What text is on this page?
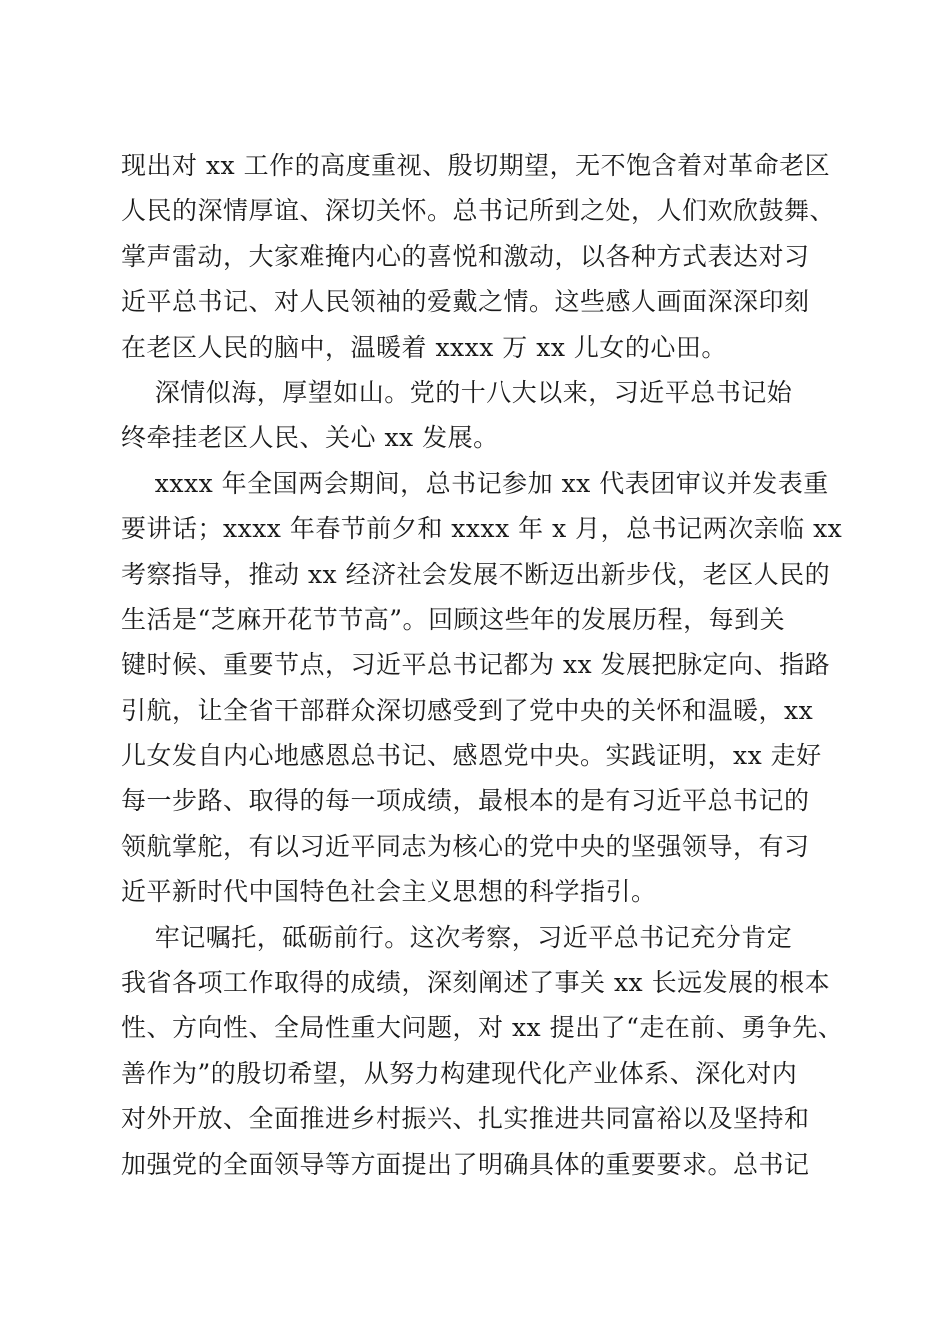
现出对 xx 工作的高度重视、殷切期望，无不饱含着对革命老区
人民的深情厚谊、深切关怀。总书记所到之处，人们欢欣鼓舞、
掌声雷动，大家难掩内心的喜悦和激动，以各种方式表达对习
近平总书记、对人民领袖的爱戴之情。这些感人画面深深印刻
在老区人民的脑中，温暖着 xxxx 万 xx 儿女的心田。
深情似海，厚望如山。党的十八大以来，习近平总书记始
终牵挂老区人民、关心 xx 发展。
xxxx 年全国两会期间，总书记参加 xx 代表团审议并发表重
要讲话；xxxx 年春节前夕和 xxxx 年 x 月，总书记两次亲临 xx
考察指导，推动 xx 经济社会发展不断迈出新步伐，老区人民的
生活是“芝麻开花节节高”。回顾这些年的发展历程，每到关
键时候、重要节点，习近平总书记都为 xx 发展把脉定向、指路
引航，让全省干部群众深切感受到了党中央的关怀和温暖，xx
儿女发自内心地感恩总书记、感恩党中央。实践证明，xx 走好
每一步路、取得的每一项成绩，最根本的是有习近平总书记的
领航掌舵，有以习近平同志为核心的党中央的坚强领导，有习
近平新时代中国特色社会主义思想的科学指引。
牢记嘱托，砥砺前行。这次考察，习近平总书记充分肯定
我省各项工作取得的成绩，深刻阐述了事关 xx 长远发展的根本
性、方向性、全局性重大问题，对 xx 提出了“走在前、勇争先、
善作为”的殷切希望，从努力构建现代化产业体系、深化对内
对外开放、全面推进乡村振兴、扎实推进共同富裕以及坚持和
加强党的全面领导等方面提出了明确具体的重要要求。总书记
